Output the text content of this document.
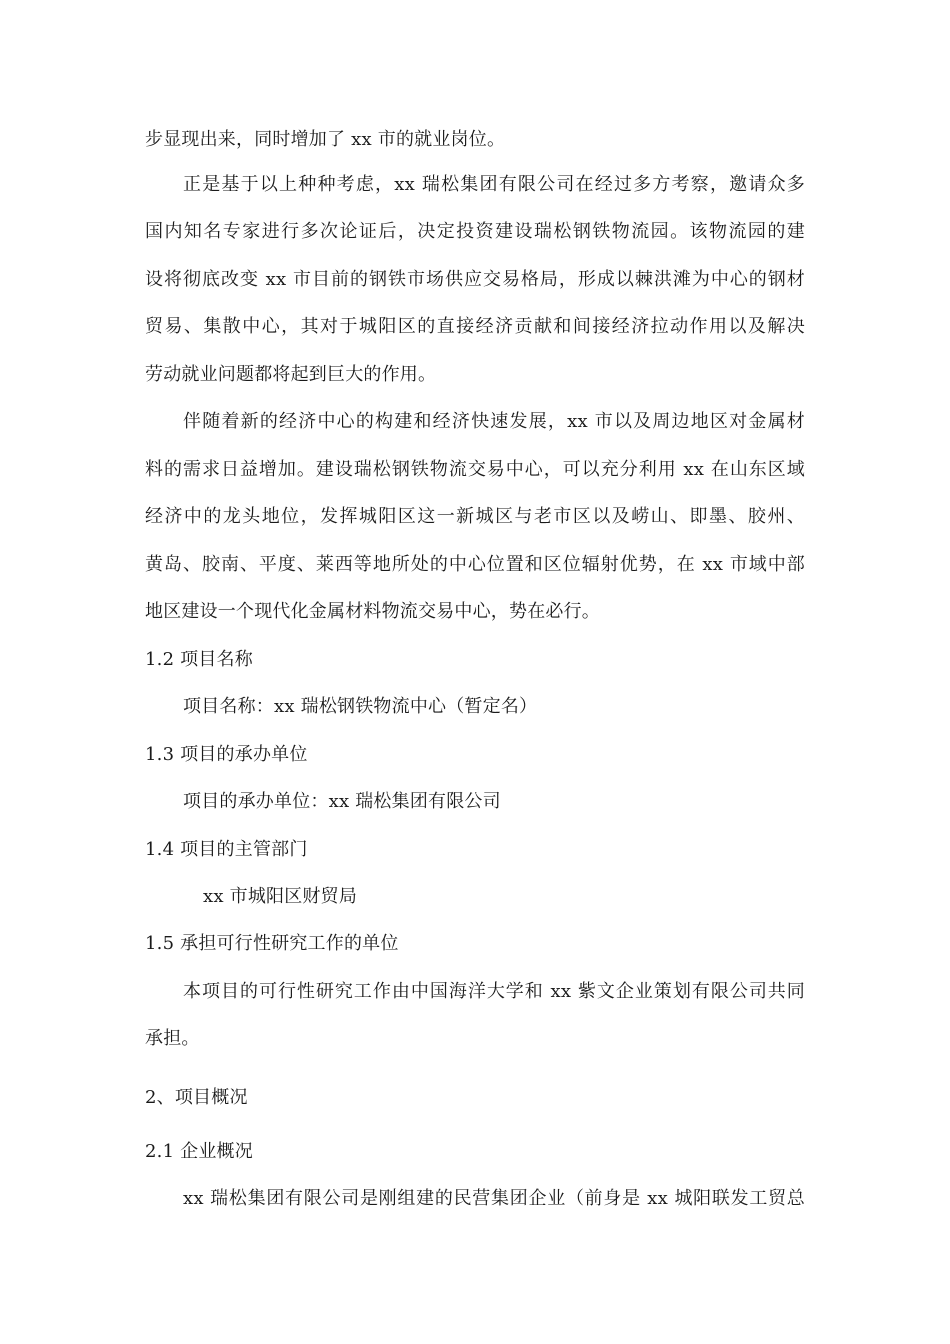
步显现出来，同时增加了 xx 市的就业岗位。
正是基于以上种种考虑，xx 瑞松集团有限公司在经过多方考察，邀请众多
国内知名专家进行多次论证后，决定投资建设瑞松钢铁物流园。该物流园的建
设将彻底改变 xx 市目前的钢铁市场供应交易格局，形成以棘洪滩为中心的钢材
贸易、集散中心，其对于城阳区的直接经济贡献和间接经济拉动作用以及解决
劳动就业问题都将起到巨大的作用。
伴随着新的经济中心的构建和经济快速发展，xx 市以及周边地区对金属材
料的需求日益增加。建设瑞松钢铁物流交易中心，可以充分利用 xx 在山东区域
经济中的龙头地位，发挥城阳区这一新城区与老市区以及崂山、即墨、胶州、
黄岛、胶南、平度、莱西等地所处的中心位置和区位辐射优势，在 xx 市域中部
地区建设一个现代化金属材料物流交易中心，势在必行。
1.2 项目名称
项目名称：xx 瑞松钢铁物流中心（暂定名）
1.3 项目的承办单位
项目的承办单位：xx 瑞松集团有限公司
1.4 项目的主管部门
xx 市城阳区财贸局
1.5 承担可行性研究工作的单位
本项目的可行性研究工作由中国海洋大学和 xx 紫文企业策划有限公司共同
承担。
2、项目概况
2.1 企业概况
xx 瑞松集团有限公司是刚组建的民营集团企业（前身是 xx 城阳联发工贸总
